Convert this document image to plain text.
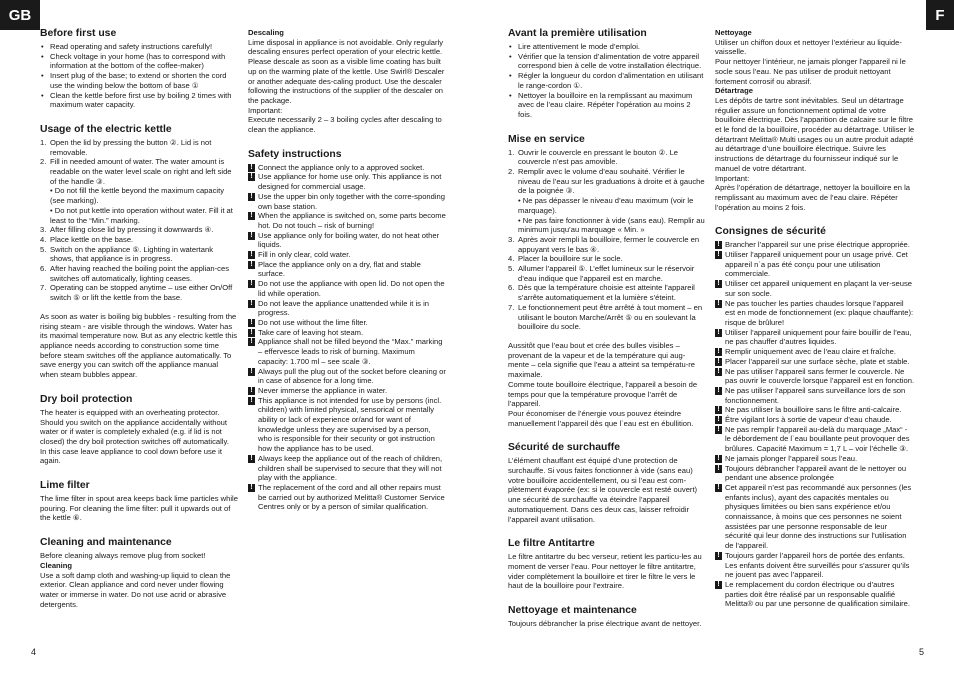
GB	F
Before first use
• Read operating and safety instructions carefully!
• Check voltage in your home (has to correspond with information at the bottom of the coffee-maker)
• Insert plug of the base; to extend or shorten the cord use the winding below the bottom of base ①
• Clean the kettle before first use by boiling 2 times with maximum water capacity.
Usage of the electric kettle
1. Open the lid by pressing the button ②. Lid is not removable.
2. Fill in needed amount of water. The water amount is readable on the water level scale on right and left side of the handle ③.
• Do not fill the kettle beyond the maximum capacity (see marking).
• Do not put kettle into operation without water. Fill it at least to the “Min.” marking.
3. After filling close lid by pressing it downwards ④.
4. Place kettle on the base.
5. Switch on the appliance ⑤. Lighting in watertank shows, that appliance is in progress.
6. After having reached the boiling point the applian-ces switches off automatically, lighting ceases.
7. Operating can be stopped anytime – use either On/Off switch ⑤ or lift the kettle from the base.
As soon as water is boiling big bubbles - resulting from the rising steam - are visible through the windows. Water has its maximal temperature now. But as any electric kettle this appliance needs according to construction some time before steam switches off the appliance automatically. To save energy you can switch off the appliance manual when steam bubbles appear.
Dry boil protection
The heater is equipped with an overheating protector. Should you switch on the appliance accidentally without water or if water is completely exhaled (e.g. if lid is not closed) the dry boil protection switches off automatically.
In this case leave appliance to cool down before use it again.
Lime filter
The lime filter in spout area keeps back lime particles while pouring. For cleaning the lime filter: pull it upwards out of the kettle ⑥.
Cleaning and maintenance
Before cleaning always remove plug from socket!
Cleaning
Use a soft damp cloth and washing-up liquid to clean the exterior. Clean appliance and cord never under flowing water or immerse in water. Do not use acrid or abrasive detergents.
Descaling
Lime disposal in appliance is not avoidable. Only regularly descaling ensures perfect operation of your electric kettle. Please descale as soon as a visible lime coating has built up on the warming plate of the kettle. Use Swirl® Descaler or another adequate des-caling product. Use the descaler following the instructions of the supplier of the descaler on the package.
Important:
Execute necessarily 2 – 3 boiling cycles after descaling to clean the appliance.
Safety instructions
! Connect the appliance only to a approved socket.
! Use appliance for home use only. This appliance is not designed for commercial usage.
! Use the upper bin only together with the corre-sponding own base station.
! When the appliance is switched on, some parts become hot. Do not touch – risk of burning!
! Use appliance only for boiling water, do not heat other liquids.
! Fill in only clear, cold water.
! Place the appliance only on a dry, flat and stable surface.
! Do not use the appliance with open lid. Do not open the lid while operation.
! Do not leave the appliance unattended while it is in progress.
! Do not use without the lime filter.
! Take care of leaving hot steam.
! Appliance shall not be filled beyond the “Max.” marking – effervesce leads to risk of burning. Maximum capacity: 1.700 ml – see scale ③.
! Always pull the plug out of the socket before cleaning or in case of absence for a long time.
! Never immerse the appliance in water.
! This appliance is not intended for use by persons (incl. children) with limited physical, sensorical or mentally ability or lack of experience or/and for want of knowledge unless they are supervised by a person, who is responsible for their security or got instruction how the appliance has to be used.
! Always keep the appliance out of the reach of children, children shall be supervised to secure that they will not play with the appliance.
! The replacement of the cord and all other repairs must be carried out by authorized Melitta® Customer Service Centres only or by a person of similar qualification.
Avant la première utilisation
• Lire attentivement le mode d’emploi.
• Vérifier que la tension d’alimentation de votre appareil correspond bien à celle de votre installation électrique.
• Régler la longueur du cordon d’alimentation en utilisant le range-cordon ①.
• Nettoyer la bouilloire en la remplissant au maximum avec de l’eau claire. Répéter l’opération au moins 2 fois.
Mise en service
1. Ouvrir le couvercle en pressant le bouton ②. Le couvercle n’est pas amovible.
2. Remplir avec le volume d’eau souhaité. Vérifier le niveau de l’eau sur les graduations à droite et à gauche de la poignée ③.
• Ne pas dépasser le niveau d’eau maximum (voir le marquage).
• Ne pas faire fonctionner à vide (sans eau). Remplir au minimum jusqu’au marquage « Min. »
3. Après avoir rempli la bouilloire, fermer le couvercle en appuyant vers le bas ④.
4. Placer la bouilloire sur le socle.
5. Allumer l’appareil ⑤. L’effet lumineux sur le réservoir d’eau indique que l’appareil est en marche.
6. Dès que la température choisie est atteinte l’appareil s’arrête automatiquement et la lumière s’éteint.
7. Le fonctionnement peut être arrêté à tout moment – en utilisant le bouton Marche/Arrêt ⑤ ou en soulevant la bouilloire du socle.
Aussitôt que l’eau bout et crée des bulles visibles – provenant de la vapeur et de la température qui aug-mente – cela signifie que l’eau a atteint sa températu-re maximale.
Comme toute bouilloire électrique, l’appareil a besoin de temps pour que la température provoque l’arrêt de l’appareil.
Pour économiser de l’énergie vous pouvez éteindre manuellement l’appareil dès que l`eau est en ébullition.
Sécurité de surchauffe
L’élément chauffant est équipé d’une protection de surchauffe. Si vous faites fonctionner à vide (sans eau) votre bouilloire accidentellement, ou si l’eau est com-plètement évaporée (ex: si le couvercle est resté ouvert) une sécurité de surchauffe va éteindre l’appareil automatiquement. Dans ces deux cas, laisser refroidir l’appareil avant utilisation.
Le filtre Antitartre
Le filtre antitartre du bec verseur, retient les particu-les au moment de verser l’eau. Pour nettoyer le filtre antitartre, vider complètement la bouilloire et tirer le filtre le vers le haut de la bouilloire pour l’extraire.
Nettoyage et maintenance
Toujours débrancher la prise électrique avant de nettoyer.
Nettoyage
Utiliser un chiffon doux et nettoyer l’extérieur au liquide-vaisselle.
Pour nettoyer l’intérieur, ne jamais plonger l’appareil ni le socle sous l’eau. Ne pas utiliser de produit nettoyant fortement corrosif ou abrasif.
Détartrage
Les dépôts de tartre sont inévitables. Seul un détartrage régulier assure un fonctionnement optimal de votre bouilloire électrique. Dès l’apparition de calcaire sur le filtre et le fond de la bouilloire, procéder au détartrage. Utiliser le détartrant Melitta® Multi usages ou un autre produit adapté au détartrage d’une bouilloire électrique. Suivre les instructions de détartrage du fournisseur indiqué sur le manuel de votre détartrant.
Important:
Après l’opération de détartrage, nettoyer la bouilloire en la remplissant au maximum avec de l’eau claire. Répéter l’opération au moins 2 fois.
Consignes de sécurité
! Brancher l’appareil sur une prise électrique appropriée.
! Utiliser l’appareil uniquement pour un usage privé. Cet appareil n`a pas été conçu pour une utilisation commerciale.
! Utiliser cet appareil uniquement en plaçant la ver-seuse sur son socle.
! Ne pas toucher les parties chaudes lorsque l’appareil est en mode de fonctionnement (ex: plaque chauffante): risque de brûlure!
! Utiliser l’appareil uniquement pour faire bouillir de l’eau, ne pas chauffer d’autres liquides.
! Remplir uniquement avec de l’eau claire et fraîche.
! Placer l’appareil sur une surface sèche, plate et stable.
! Ne pas utiliser l’appareil sans fermer le couvercle. Ne pas ouvrir le couvercle lorsque l’appareil est en fonction.
! Ne pas utiliser l’appareil sans surveillance lors de son fonctionnement.
! Ne pas utiliser la bouilloire sans le filtre anti-calcaire.
! Être vigilant lors à sortie de vapeur d’eau chaude.
! Ne pas remplir l’appareil au-delà du marquage „Max“ - le débordement de l`eau bouillante peut provoquer des brûlures. Capacité Maximum = 1,7 L – voir l’échelle ③.
! Ne jamais plonger l’appareil sous l’eau.
! Toujours débrancher l’appareil avant de le nettoyer ou pendant une absence prolongée
! Cet appareil n’est pas recommandé aux personnes (les enfants inclus), ayant des capacités mentales ou physiques limitées ou bien sans expérience et/ou connaissance, à moins que ces personnes ne soient assistées par une personne responsable de leur sécurité qui leur donne des instructions sur l’utilisation de l’appareil.
! Toujours garder l’appareil hors de portée des enfants. Les enfants doivent être surveillés pour s’assurer qu’ils ne jouent pas avec l’appareil.
! Le remplacement du cordon électrique ou d’autres parties doit être réalisé par un responsable qualifié Melitta® ou par une personne de qualification similaire.
4	5
